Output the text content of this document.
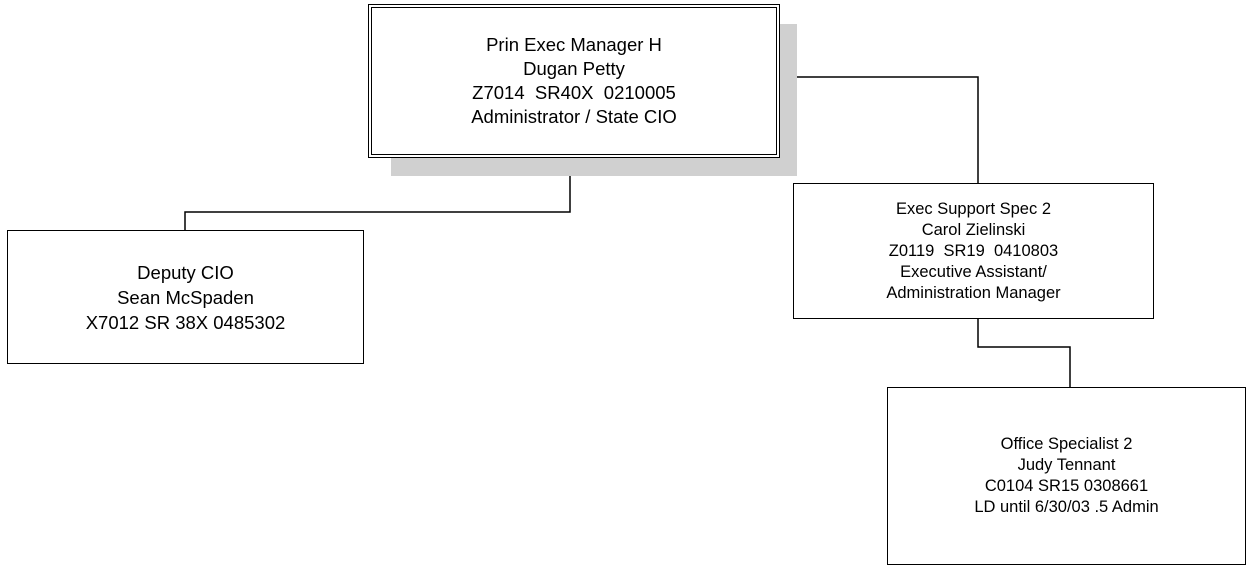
Prin Exec Manager H
Dugan Petty
Z7014  SR40X  0210005
Administrator / State CIO
Deputy CIO
Sean McSpaden
X7012 SR 38X 0485302
Exec Support Spec 2
Carol Zielinski
Z0119  SR19  0410803
Executive Assistant/
Administration Manager
Office Specialist 2
Judy Tennant
C0104 SR15 0308661
LD until 6/30/03 .5 Admin
